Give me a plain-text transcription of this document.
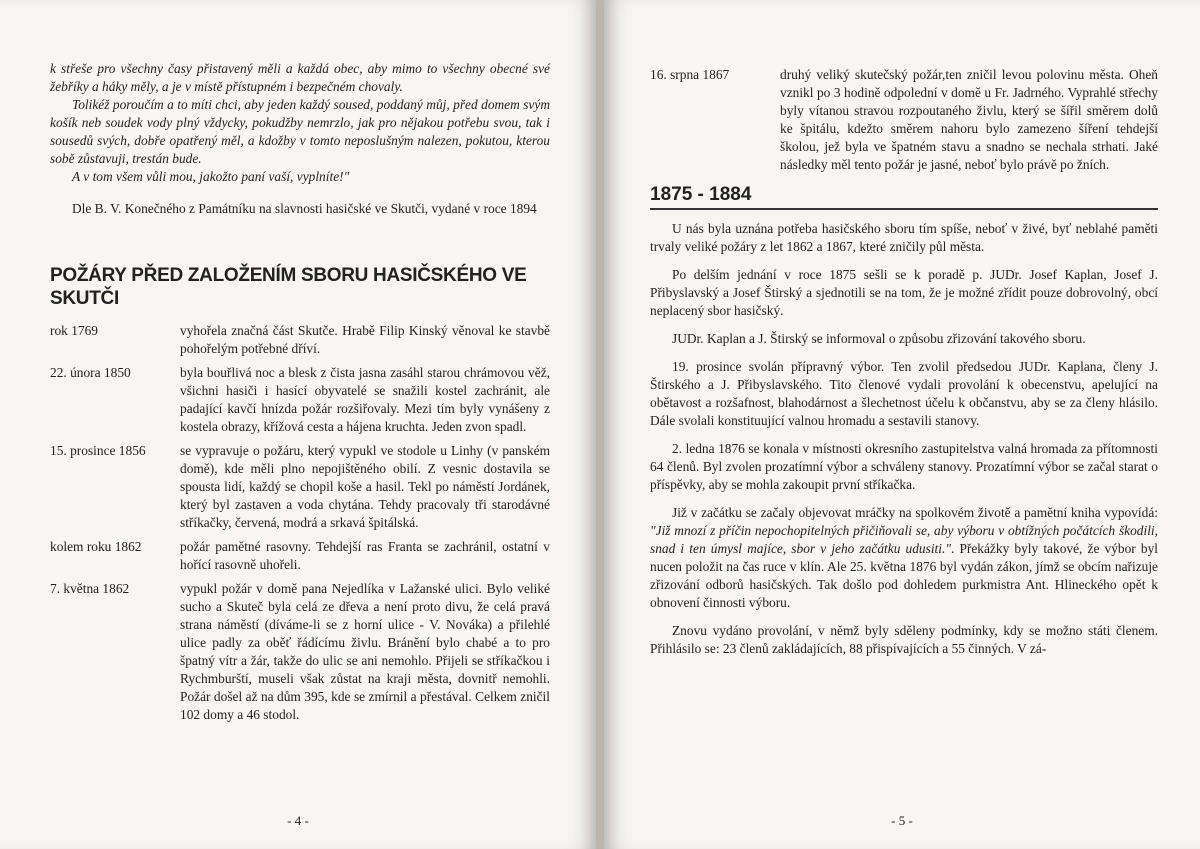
k střeše pro všechny časy přistavený měli a každá obec, aby mimo to všechny obecné své žebříky a háky měly, a je v místě přístupném i bezpečném chovaly.

Tolikéž poroučím a to míti chci, aby jeden každý soused, poddaný můj, před domem svým košík neb soudek vody plný vždycky, pokudžby nemrzlo, jak pro nějakou potřebu svou, tak i sousedů svých, dobře opatřený měl, a kdožby v tomto neposlušným nalezen, pokutou, kterou sobě zůstavuji, trestán bude.

A v tom všem vůli mou, jakožto paní vaší, vyplníte!"

Dle B. V. Konečného z Památníku na slavnosti hasičské ve Skutči, vydané v roce 1894

POŽÁRY PŘED ZALOŽENÍM SBORU HASIČSKÉHO VE SKUTČI
rok 1769	vyhořela značná část Skutče. Hrabě Filip Kinský věnoval ke stavbě pohořelým potřebné dříví.
22. února 1850	byla bouřlivá noc a blesk z čista jasna zasáhl starou chrámovou věž, všichni hasiči i hasící obyvatelé se snažili kostel zachránit, ale padající kavčí hnízda požár rozšiřovaly. Mezi tím byly vynášeny z kostela obrazy, křížová cesta a hájena kruchta. Jeden zvon spadl.
15. prosince 1856	se vypravuje o požáru, který vypukl ve stodole u Linhy (v panském domě), kde měli plno nepojištěného obilí. Z vesnic dostavila se spousta lidí, každý se chopil koše a hasil. Tekl po náměstí Jordánek, který byl zastaven a voda chytána. Tehdy pracovaly tři starodávné stříkačky, červená, modrá a srkavá špitálská.
kolem roku 1862	požár pamětné rasovny. Tehdejší ras Franta se zachránil, ostatní v hořící rasovně uhořeli.
7. května 1862	vypukl požár v domě pana Nejedlíka v Lažanské ulici. Bylo veliké sucho a Skuteč byla celá ze dřeva a není proto divu, že celá pravá strana náměstí (díváme-li se z horní ulice - V. Nováka) a přilehlé ulice padly za oběť řádícímu živlu. Bránění bylo chabé a to pro špatný vítr a žár, takže do ulic se ani nemohlo. Přijeli se stříkačkou i Rychmburští, museli však zůstat na kraji města, dovnitř nemohli. Požár došel až na dům 395, kde se zmírnil a přestával. Celkem zničil 102 domy a 46 stodol.
- 4 -
16. srpna 1867	druhý veliký skutečský požár,ten zničil levou polovinu města. Oheň vznikl po 3 hodině odpolední v domě u Fr. Jadrného. Vyprahlé střechy byly vítanou stravou rozpoutaného živlu, který se šířil směrem dolů ke špitálu, kdežto směrem nahoru bylo zamezeno šíření tehdejší školou, jež byla ve špatném stavu a snadno se nechala strhati. Jaké následky měl tento požár je jasné, neboť bylo právě po žních.
1875 - 1884

U nás byla uznána potřeba hasičského sboru tím spíše, neboť v živé, byť neblahé paměti trvaly veliké požáry z let 1862 a 1867, které zničily půl města.

Po delším jednání v roce 1875 sešli se k poradě p. JUDr. Josef Kaplan, Josef J. Přibyslavský a Josef Štirský a sjednotili se na tom, že je možné zřídit pouze dobrovolný, obcí neplacený sbor hasičský.

JUDr. Kaplan a J. Štirský se informoval o způsobu zřizování takového sboru.

19. prosince svolán přípravný výbor. Ten zvolil předsedou JUDr. Kaplana, členy J. Štirského a J. Přibyslavského. Tito členové vydali provolání k obecenstvu, apelující na obětavost a rozšafnost, blahodárnost a šlechetnost účelu k občanstvu, aby se za členy hlásilo. Dále svolali konstituující valnou hromadu a sestavili stanovy.

2. ledna 1876 se konala v místnosti okresního zastupitelstva valná hromada za přítomnosti 64 členů. Byl zvolen prozatímní výbor a schváleny stanovy. Prozatímní výbor se začal starat o příspěvky, aby se mohla zakoupit první stříkačka.

Již v začátku se začaly objevovat mráčky na spolkovém životě a pamětní kniha vypovídá: "Již mnozí z příčin nepochopitelných přičiňovali se, aby výboru v obtížných počátcích škodili, snad i ten úmysl majíce, sbor v jeho začátku udusiti.". Překážky byly takové, že výbor byl nucen položit na čas ruce v klín. Ale 25. května 1876 byl vydán zákon, jímž se obcím nařizuje zřizování odborů hasičských. Tak došlo pod dohledem purkmistra Ant. Hlineckého opět k obnovení činnosti výboru.

Znovu vydáno provolání, v němž byly sděleny podmínky, kdy se možno státi členem. Přihlásilo se: 23 členů zakládajících, 88 přispívajících a 55 činných. V zá-

- 5 -
